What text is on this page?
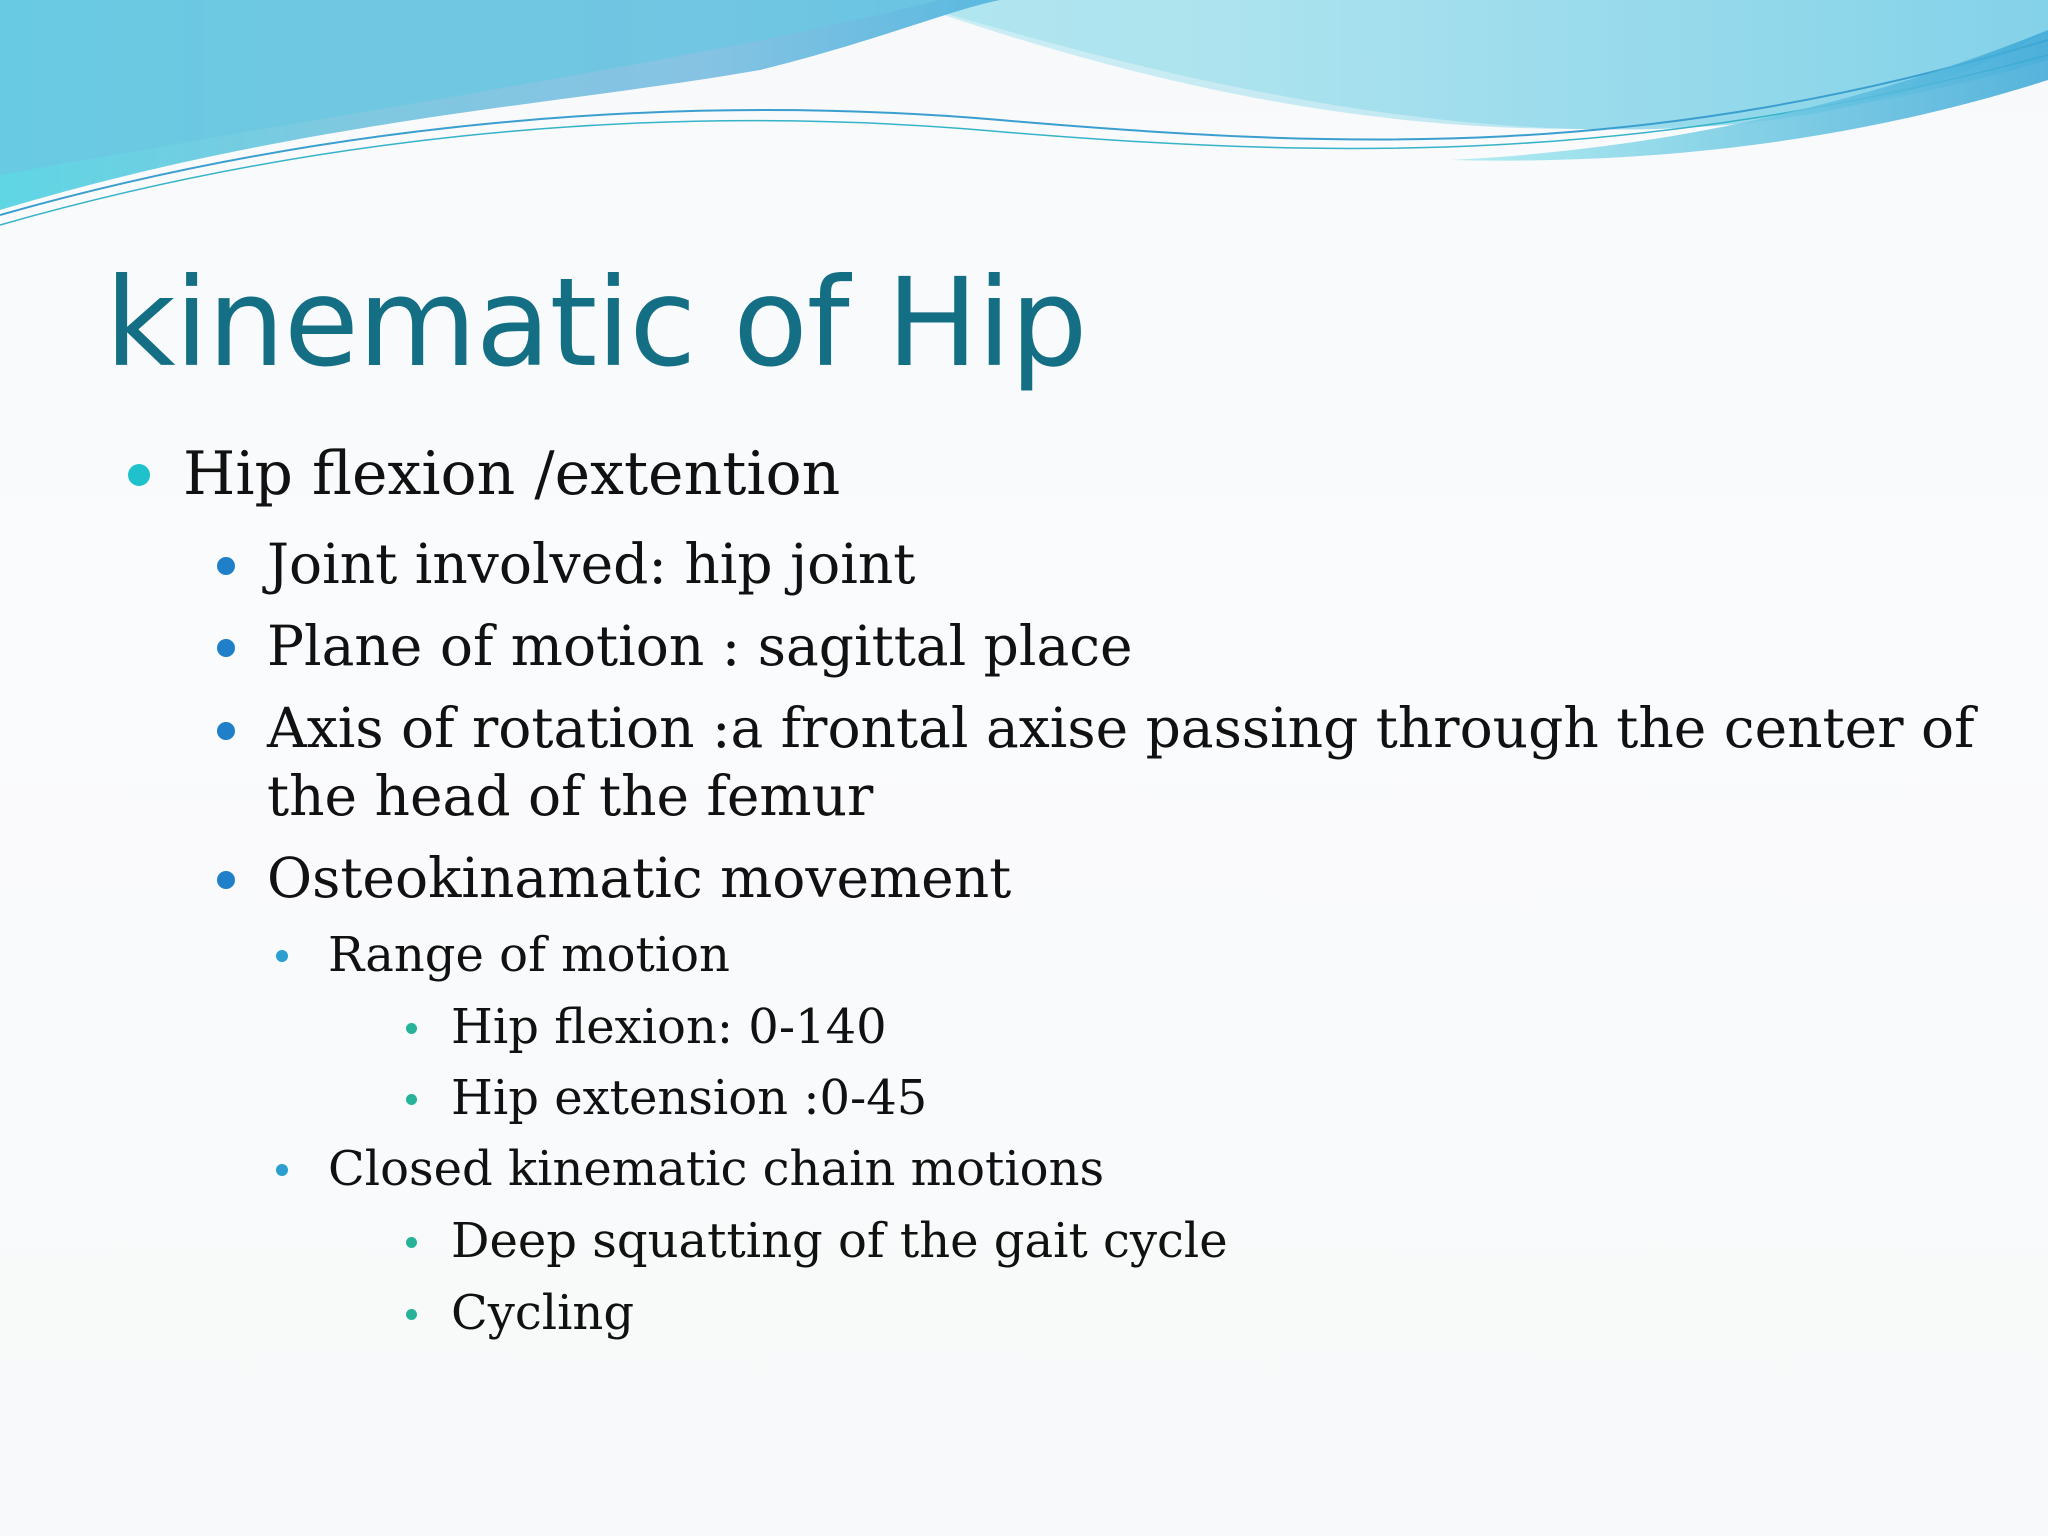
kinematic of Hip
Hip flexion /extention
Joint involved: hip joint
Plane of motion : sagittal place
Axis of rotation :a frontal axise passing through the center of
the head of the femur
Osteokinamatic movement
Range of motion
Hip flexion: 0-140
Hip extension :0-45
Closed kinematic chain motions
Deep squatting of the gait cycle
Cycling
